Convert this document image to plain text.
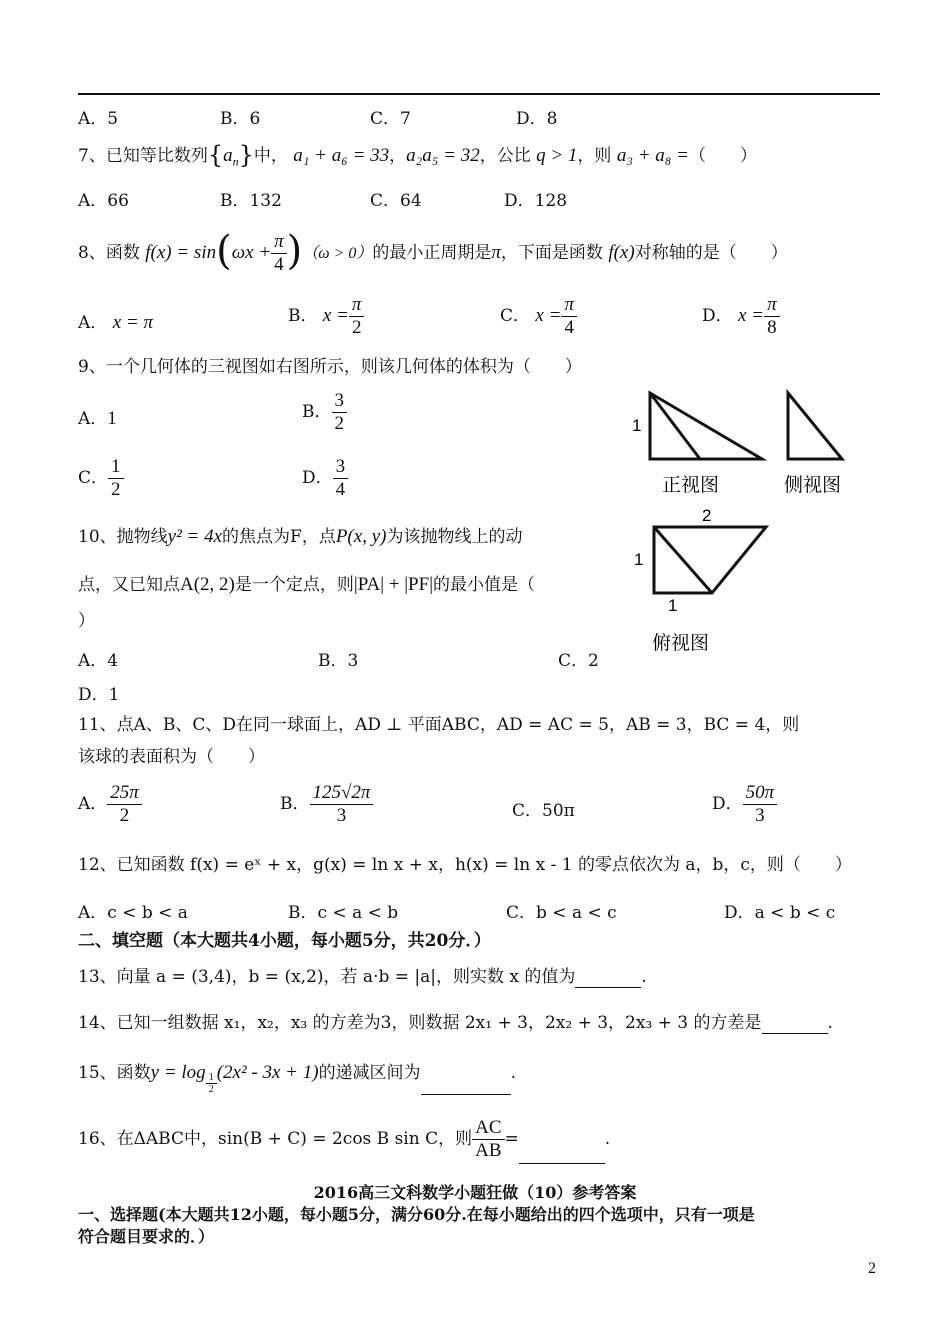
A．5	B．6	C．7	D．8
7、已知等比数列$\{a_n\}$中， a₁ + a₆ = 33，a₂a₅ = 32，公比 q > 1，则 a₃ + a₈ =（　　）
A．66	B．132	C．64	D．128
8、函数 $f(x) = \sin(\omega x + \frac{\pi}{4} )(\omega > 0)$的最小正周期是π，下面是函数 f(x)对称轴的是（　　）
A． x = π	B． $x = \frac{\pi}{2}$	C． $x = \frac{\pi}{4}$	D． $x = \frac{\pi}{8}$
9、一个几何体的三视图如右图所示，则该几何体的体积为（　　）
A．1	B． $\frac{3}{2}$
C． $\frac{1}{2}$	D． $\frac{3}{4}$
1
2
1
1
正视图	侧视图
俯视图
10、抛物线y² = 4x的焦点为F，点P(x, y)为该抛物线上的动
点，又已知点A(2, 2)是一个定点，则|PA| + |PF|的最小值是（
）
A．4	B．3	C．2
D．1
11、点A、B、C、D在同一球面上，AD ⊥ 平面ABC，AD = AC = 5，AB = 3，BC = 4，则
该球的表面积为（　　）
A． $\frac{25\pi}{2}$	B． $\frac{125√2\pi}{3}$	C．50π	D． $\frac{50\pi}{3}$
12、已知函数 f(x) = eˣ + x，g(x) = ln x + x，h(x) = ln x - 1 的零点依次为 a，b，c，则（　　）
A．c < b < a	B．c < a < b	C．b < a < c	D．a < b < c
二、填空题（本大题共4小题，每小题5分，共20分．）
13、向量 a = (3,4)，b = (x,2)，若 a·b = |a|，则实数 x 的值为	.
14、已知一组数据 x₁，x₂，x₃ 的方差为3，则数据 2x₁ + 3，2x₂ + 3，2x₃ + 3 的方差是	.
15、函数$y = \log \frac{1}{2} (2x^2 - 3x + 1)$的递减区间为	.
16、在ΔABC中，sin(B + C) = 2cos B sin C，则 $\frac{AC}{AB}$ =	.
2016高三文科数学小题狂做（10）参考答案
一、选择题(本大题共12小题，每小题5分，满分60分.在每小题给出的四个选项中，只有一项是
符合题目要求的．）
2
